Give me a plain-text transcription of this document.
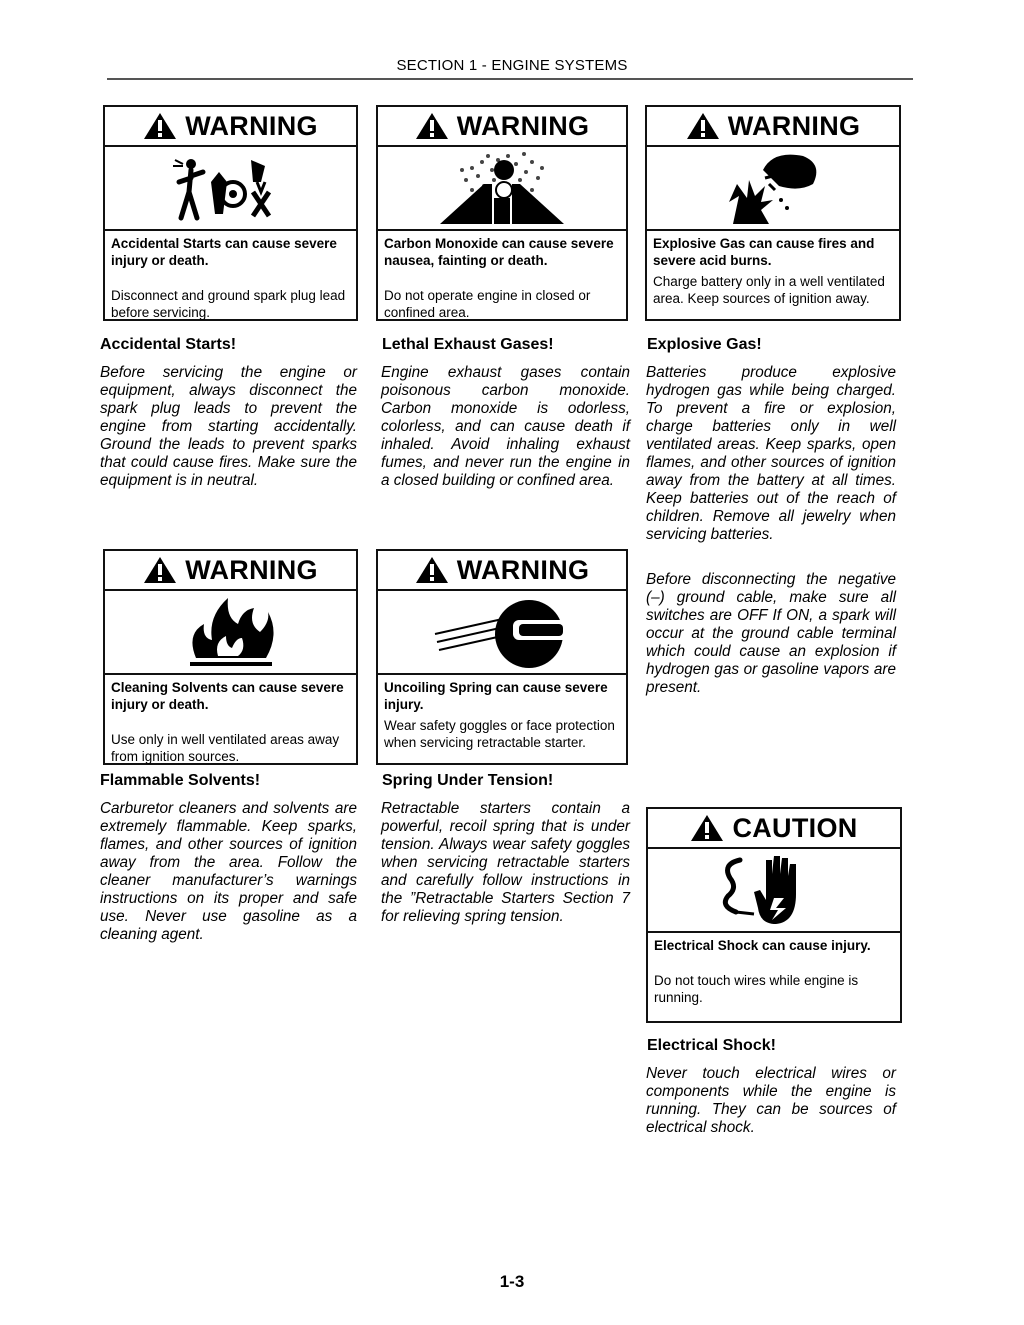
SECTION 1 - ENGINE SYSTEMS
WARNING
Accidental Starts can cause severe injury or death.
Disconnect and ground spark plug lead before servicing.
WARNING
Carbon Monoxide can cause severe nausea, fainting or death.
Do not operate engine in closed or confined area.
WARNING
Explosive Gas can cause fires and severe acid burns.
Charge battery only in a well ventilated area. Keep sources of ignition away.
Accidental Starts!

Before servicing the engine or equipment, always disconnect the spark plug leads to prevent the engine from starting accidentally. Ground the leads to prevent sparks that could cause fires. Make sure the equipment is in neutral.

Lethal Exhaust Gases!

Engine exhaust gases contain poisonous carbon monoxide. Carbon monoxide is odorless, colorless, and can cause death if inhaled. Avoid inhaling exhaust fumes, and never run the engine in a closed building or confined area.

Explosive Gas!

Batteries produce explosive hydrogen gas while being charged. To prevent a fire or explosion, charge batteries only in well ventilated areas. Keep sparks, open flames, and other sources of ignition away from the battery at all times. Keep batteries out of the reach of children. Remove all jewelry when servicing batteries.

Before disconnecting the negative (–) ground cable, make sure all switches are OFF If ON, a spark will occur at the ground cable terminal which could cause an explosion if hydrogen gas or gasoline vapors are present.

WARNING
Cleaning Solvents can cause severe injury or death.
Use only in well ventilated areas away from ignition sources.
WARNING
Uncoiling Spring can cause severe injury.
Wear safety goggles or face protection when servicing retractable starter.
Flammable Solvents!

Carburetor cleaners and solvents are extremely flammable. Keep sparks, flames, and other sources of ignition away from the area. Follow the cleaner manufacturer’s warnings instructions on its proper and safe use. Never use gasoline as a cleaning agent.

Spring Under Tension!

Retractable starters contain a powerful, recoil spring that is under tension. Always wear safety goggles when servicing retractable starters and carefully follow instructions in the ”Retractable Starters Section 7 for relieving spring tension.

CAUTION
Electrical Shock can cause injury.
Do not touch wires while engine is running.
Electrical Shock!

Never touch electrical wires or components while the engine is running. They can be sources of electrical shock.

1-3
